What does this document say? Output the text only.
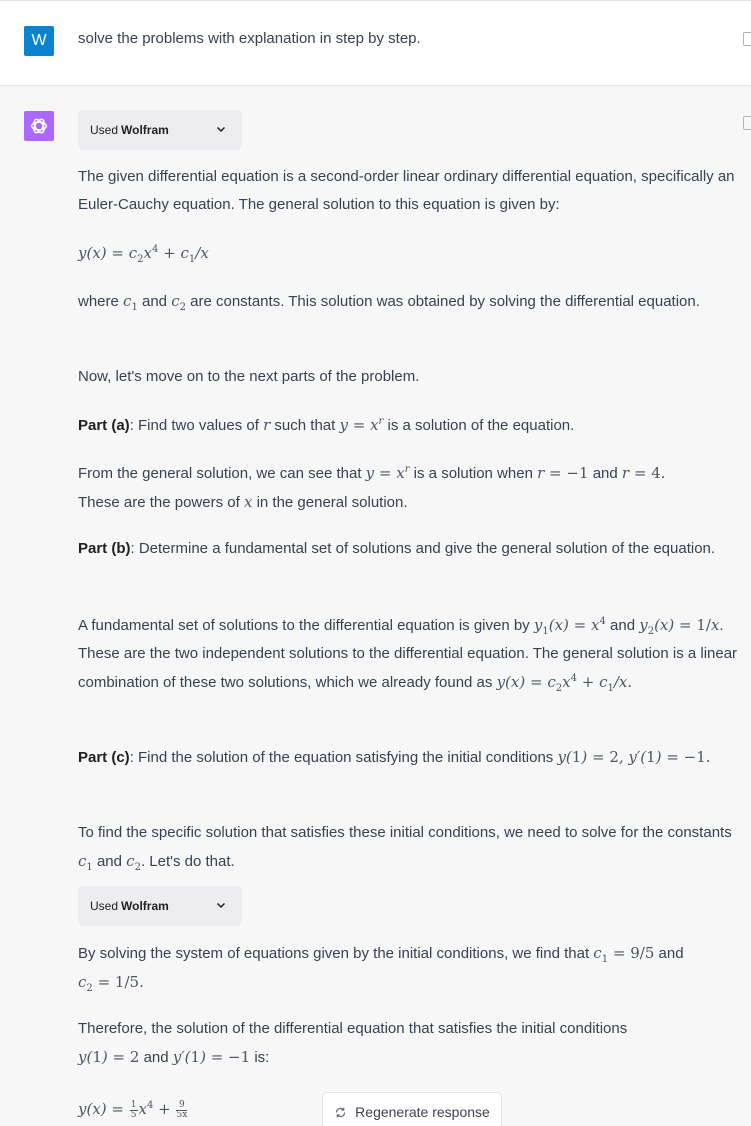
W	solve the problems with explanation in step by step.
Used Wolfram
The given differential equation is a second-order linear ordinary differential equation, specifically an Euler-Cauchy equation. The general solution to this equation is given by:
$y(x) = c_2x^4 + c_1/x$
where $c_1$ and $c_2$ are constants. This solution was obtained by solving the differential equation.
Now, let's move on to the next parts of the problem.
Part (a): Find two values of r such that $y = x^r$ is a solution of the equation.
From the general solution, we can see that $y = x^r$ is a solution when r = −1 and r = 4.
These are the powers of x in the general solution.
Part (b): Determine a fundamental set of solutions and give the general solution of the equation.
A fundamental set of solutions to the differential equation is given by $y_1(x) = x^4$ and $y_2(x) = 1/x$. These are the two independent solutions to the differential equation. The general solution is a linear combination of these two solutions, which we already found as $y(x) = c_2x^4 + c_1/x$.
Part (c): Find the solution of the equation satisfying the initial conditions y(1) = 2, y′(1) = −1.
To find the specific solution that satisfies these initial conditions, we need to solve for the constants $c_1$ and $c_2$. Let's do that.
Used Wolfram
By solving the system of equations given by the initial conditions, we find that $c_1 = 9/5$ and
$c_2 = 1/5$.
Therefore, the solution of the differential equation that satisfies the initial conditions
y(1) = 2 and y′(1) = −1 is:
$y(x) = \frac{1}{5} x^4 + \frac{9}{5x}$	Regenerate response
